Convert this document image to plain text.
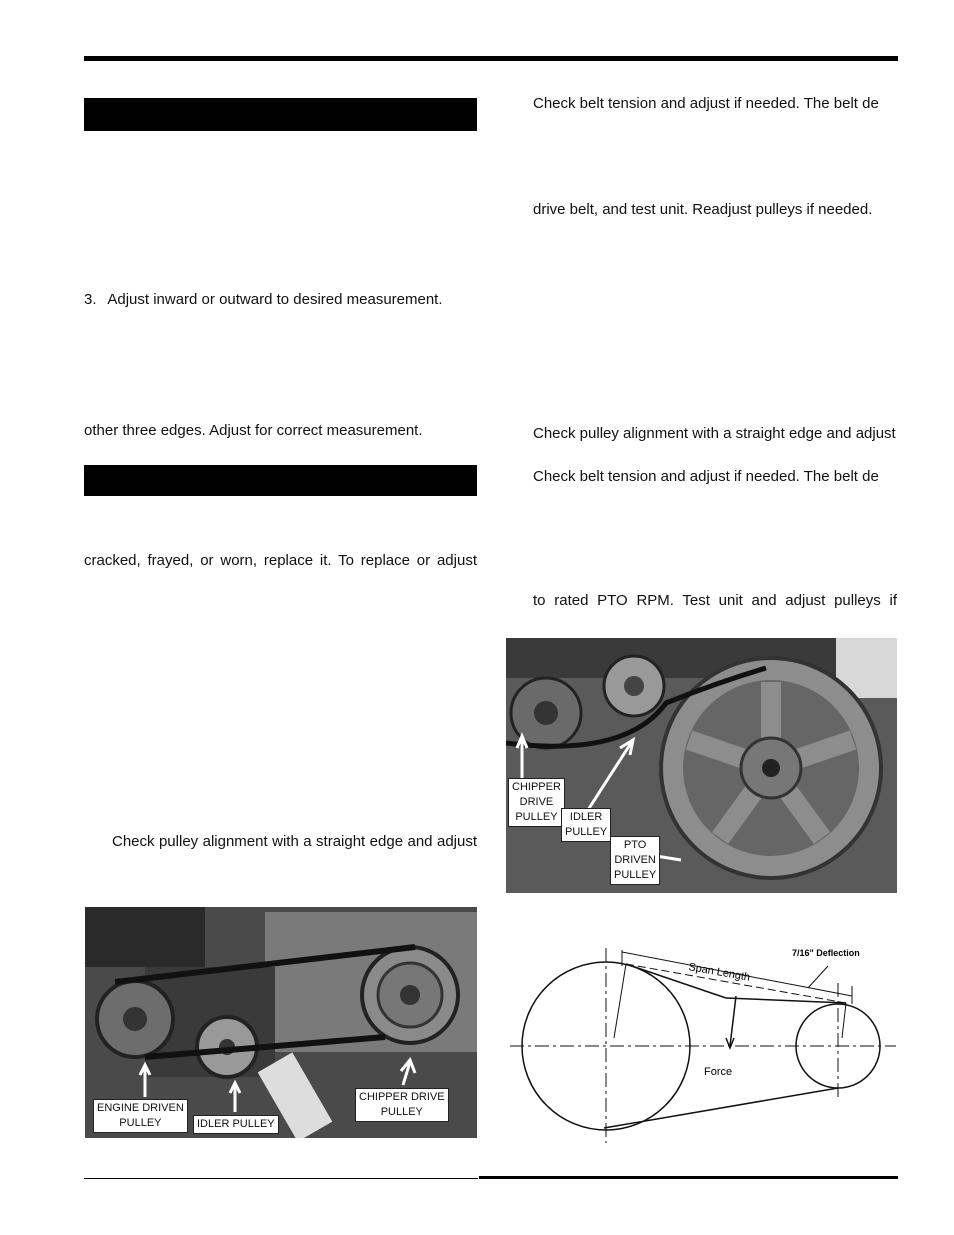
3.  Adjust inward or outward to desired measurement.
other three edges. Adjust for correct measurement.
cracked, frayed, or worn, replace it. To replace or adjust
Check pulley alignment with a straight edge and adjust
ENGINE DRIVEN
PULLEY	IDLER PULLEY
CHIPPER DRIVE
PULLEY
Check belt tension and adjust if needed. The belt de
drive belt, and test unit. Readjust pulleys if needed.
Check pulley alignment with a straight edge and adjust
Check belt tension and adjust if needed. The belt de
to rated PTO RPM. Test unit and adjust pulleys if
CHIPPER
DRIVE
PULLEY	IDLER
PULLEY
PTO
DRIVEN
PULLEY
Span Length
7/16" Deflection
Force
